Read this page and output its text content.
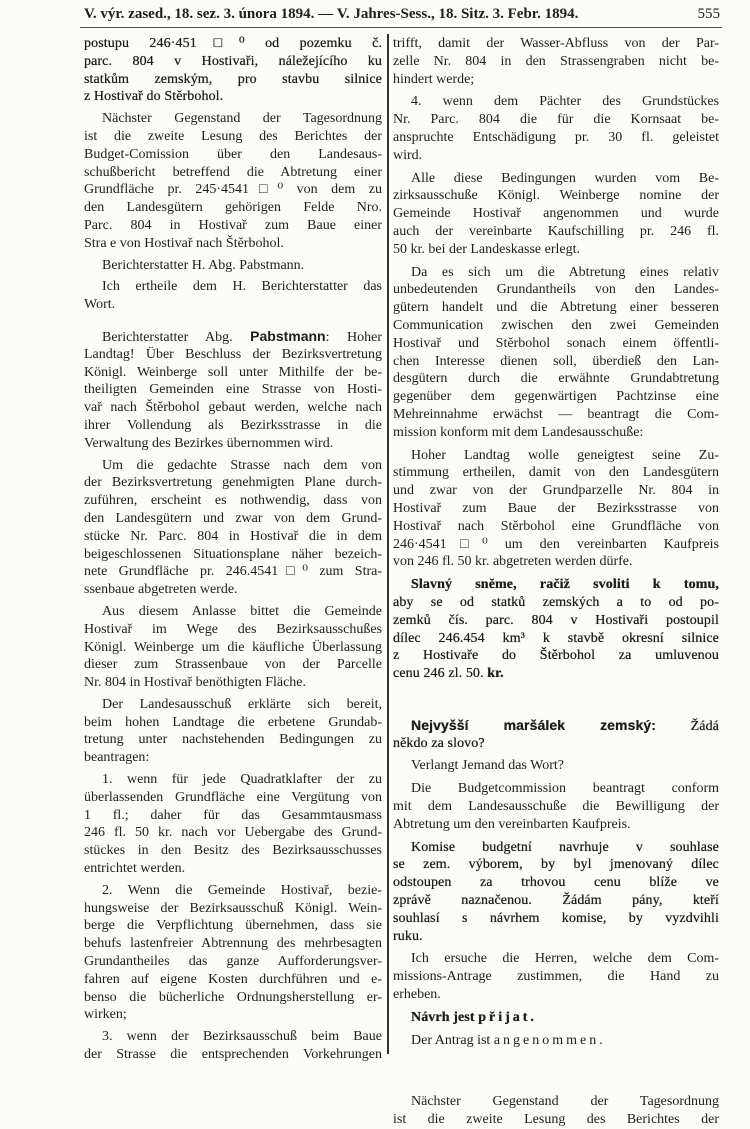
V. výr. zased., 18. sez. 3. února 1894. — V. Jahres-Sess., 18. Sitz. 3. Febr. 1894.	555
postupu 246·451□⁰ od pozemku č.
parc. 804 v Hostivaři, náležejícího ku
statkům zemským, pro stavbu silnice
z Hostivař do Stěrbohol.
Nächster Gegenstand der Tagesordnung
ist die zweite Lesung des Berichtes der
Budget-Comission über den Landesaus-
schußbericht betreffend die Abtretung einer
Grundfläche pr. 245·4541□⁰ von dem zu
den Landesgütern gehörigen Felde Nro.
Parc. 804 in Hostivař zum Baue einer
Stra e von Hostivař nach Štěrbohol.
Berichterstatter H. Abg. Pabstmann.
Ich ertheile dem H. Berichterstatter das
Wort.
Berichterstatter Abg. Pabstmann: Hoher
Landtag! Über Beschluss der Bezirksvertretung
Königl. Weinberge soll unter Mithilfe der be-
theiligten Gemeinden eine Strasse von Hosti-
vař nach Štěrbohol gebaut werden, welche nach
ihrer Vollendung als Bezirksstrasse in die
Verwaltung des Bezirkes übernommen wird.
Um die gedachte Strasse nach dem von
der Bezirksvertretung genehmigten Plane durch-
zuführen, erscheint es nothwendig, dass von
den Landesgütern und zwar von dem Grund-
stücke Nr. Parc. 804 in Hostivař die in dem
beigeschlossenen Situationsplane näher bezeich-
nete Grundfläche pr. 246.4541□⁰ zum Stra-
ssenbaue abgetreten werde.
Aus diesem Anlasse bittet die Gemeinde
Hostivař im Wege des Bezirksausschußes
Königl. Weinberge um die käufliche Überlassung
dieser zum Strassenbaue von der Parcelle
Nr. 804 in Hostivař benöthigten Fläche.
Der Landesausschuß erklärte sich bereit,
beim hohen Landtage die erbetene Grundab-
tretung unter nachstehenden Bedingungen zu
beantragen:
1. wenn für jede Quadratklafter der zu
überlassenden Grundfläche eine Vergütung von
1 fl.; daher für das Gesammtausmass
246 fl. 50 kr. nach vor Uebergabe des Grund-
stückes in den Besitz des Bezirksausschusses
entrichtet werden.
2. Wenn die Gemeinde Hostivař, bezie-
hungsweise der Bezirksausschuß Königl. Wein-
berge die Verpflichtung übernehmen, dass sie
behufs lastenfreier Abtrennung des mehrbesagten
Grundantheiles das ganze Aufforderungsver-
fahren auf eigene Kosten durchführen und e-
benso die bücherliche Ordnungsherstellung er-
wirken;
3. wenn der Bezirksausschuß beim Baue
der Strasse die entsprechenden Vorkehrungen
trifft, damit der Wasser-Abfluss von der Par-
zelle Nr. 804 in den Strassengraben nicht be-
hindert werde;
4. wenn dem Pächter des Grundstückes
Nr. Parc. 804 die für die Kornsaat be-
anspruchte Entschädigung pr. 30 fl. geleistet
wird.
Alle diese Bedingungen wurden vom Be-
zirksausschuße Königl. Weinberge nomine der
Gemeinde Hostivař angenommen und wurde
auch der vereinbarte Kaufschilling pr. 246 fl.
50 kr. bei der Landeskasse erlegt.
Da es sich um die Abtretung eines relativ
unbedeutenden Grundantheils von den Landes-
gütern handelt und die Abtretung einer besseren
Communication zwischen den zwei Gemeinden
Hostivař und Stěrbohol sonach einem öffentli-
chen Interesse dienen soll, überdieß den Lan-
desgütern durch die erwähnte Grundabtretung
gegenüber dem gegenwärtigen Pachtzinse eine
Mehreinnahme erwächst — beantragt die Com-
mission konform mit dem Landesausschuße:
Hoher Landtag wolle geneigtest seine Zu-
stimmung ertheilen, damit von den Landesgütern
und zwar von der Grundparzelle Nr. 804 in
Hostivař zum Baue der Bezirksstrasse von
Hostivař nach Stěrbohol eine Grundfläche von
246·4541□⁰ um den vereinbarten Kaufpreis
von 246 fl. 50 kr. abgetreten werden dürfe.
Slavný sněme, račiž svoliti k tomu,
aby se od statků zemských a to od po-
zemků čís. parc. 804 v Hostivaři postoupil
dílec 246.454 km³ k stavbě okresní silnice
z Hostivaře do Štěrbohol za umluvenou
cenu 246 zl. 50. kr.
Nejvyšší maršálek zemský: Žádá
někdo za slovo?
Verlangt Jemand das Wort?
Die Budgetcommission beantragt conform
mit dem Landesausschuße die Bewilligung der
Abtretung um den vereinbarten Kaufpreis.
Komise budgetní navrhuje v souhlase
se zem. výborem, by byl jmenovaný dílec
odstoupen za trhovou cenu blíže ve
zprávě naznačenou. Žádám pány, kteří
souhlasí s návrhem komise, by vyzdvihli
ruku.
Ich ersuche die Herren, welche dem Com-
missions-Antrage zustimmen, die Hand zu
erheben.
Návrh jest přijat.
Der Antrag ist angenommen.
Nächster Gegenstand der Tagesordnung
ist die zweite Lesung des Berichtes der
